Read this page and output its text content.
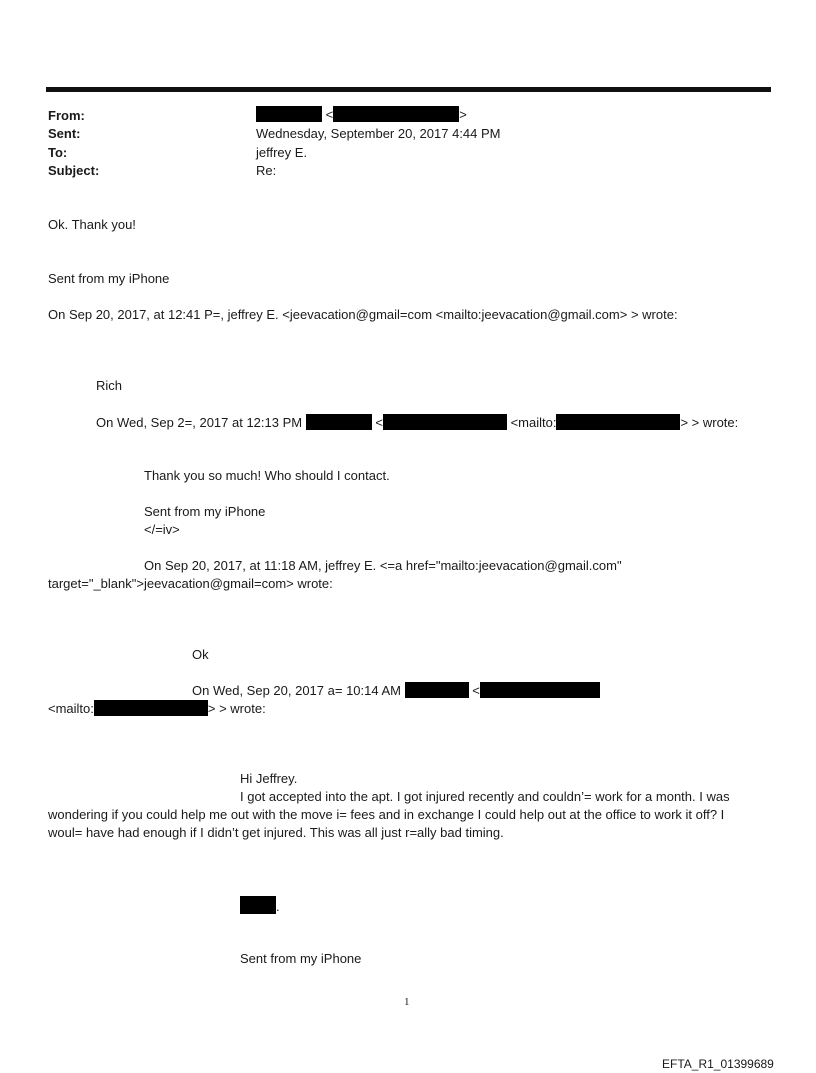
From:	<	>
Sent:	Wednesday, September 20, 2017 4:44 PM
To:	jeffrey E.
Subject:	Re:
Ok. Thank you!
Sent from my iPhone
On Sep 20, 2017, at 12:41 P=, jeffrey E. <jeevacation@gmail=com <mailto:jeevacation@gmail.com> > wrote:
Rich
On Wed, Sep 2=, 2017 at 12:13 PM	<	<mailto:	> > wrote:
Thank you so much! Who should I contact.
Sent from my iPhone
</=iv>
On Sep 20, 2017, at 11:18 AM, jeffrey E. <=a href="mailto:jeevacation@gmail.com"
target="_blank">jeevacation@gmail=com> wrote:
Ok
On Wed, Sep 20, 2017 a= 10:14 AM	<
<mailto:	> > wrote:
Hi Jeffrey.
I got accepted into the apt. I got injured recently and couldn’= work for a month. I was
wondering if you could help me out with the move i= fees and in exchange I could help out at the office to work it off? I
woul= have had enough if I didn’t get injured. This was all just r=ally bad timing.
.
Sent from my iPhone
1
EFTA_R1_01399689
